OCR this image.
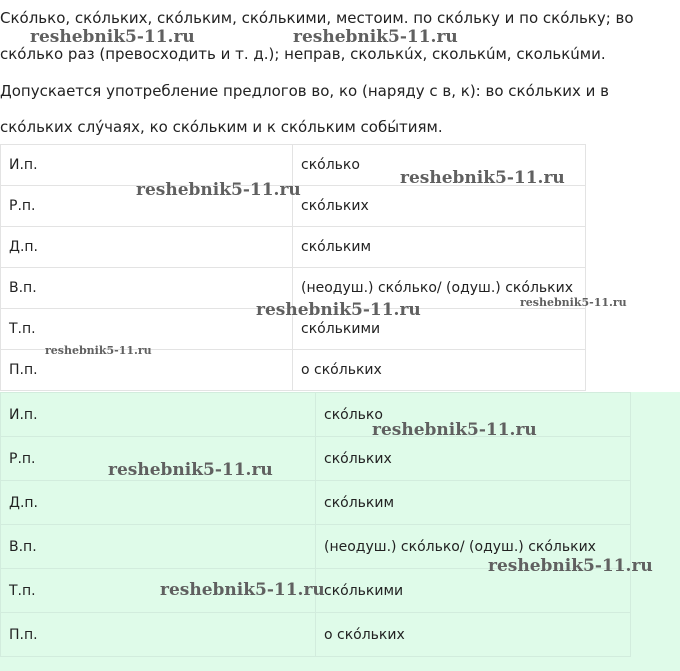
Ско́лько, ско́льких, ско́льким, ско́лькими, местоим. по ско́льку и по ско́льку; во
ско́лько раз (превосходить и т. д.); неправ, сколькúх, сколькúм, сколькúми.
Допускается употребление предлогов во, ко (наряду с в, к): во ско́льких и в
ско́льких слу́чаях, ко ско́льким и к ско́льким собы́тиям.
И.п.	ско́лько
Р.п.	ско́льких
Д.п.	ско́льким
В.п.	(неодуш.) ско́лько/ (одуш.) ско́льких
Т.п.	ско́лькими
П.п.	о ско́льких
И.п.	ско́лько
Р.п.	ско́льких
Д.п.	ско́льким
В.п.	(неодуш.) ско́лько/ (одуш.) ско́льких
Т.п.	ско́лькими
П.п.	о ско́льких
reshebnik5-11.ru	reshebnik5-11.ru
reshebnik5-11.ru
reshebnik5-11.ru
reshebnik5-11.ru	reshebnik5-11.ru
reshebnik5-11.ru
reshebnik5-11.ru
reshebnik5-11.ru
reshebnik5-11.ru
reshebnik5-11.ru
